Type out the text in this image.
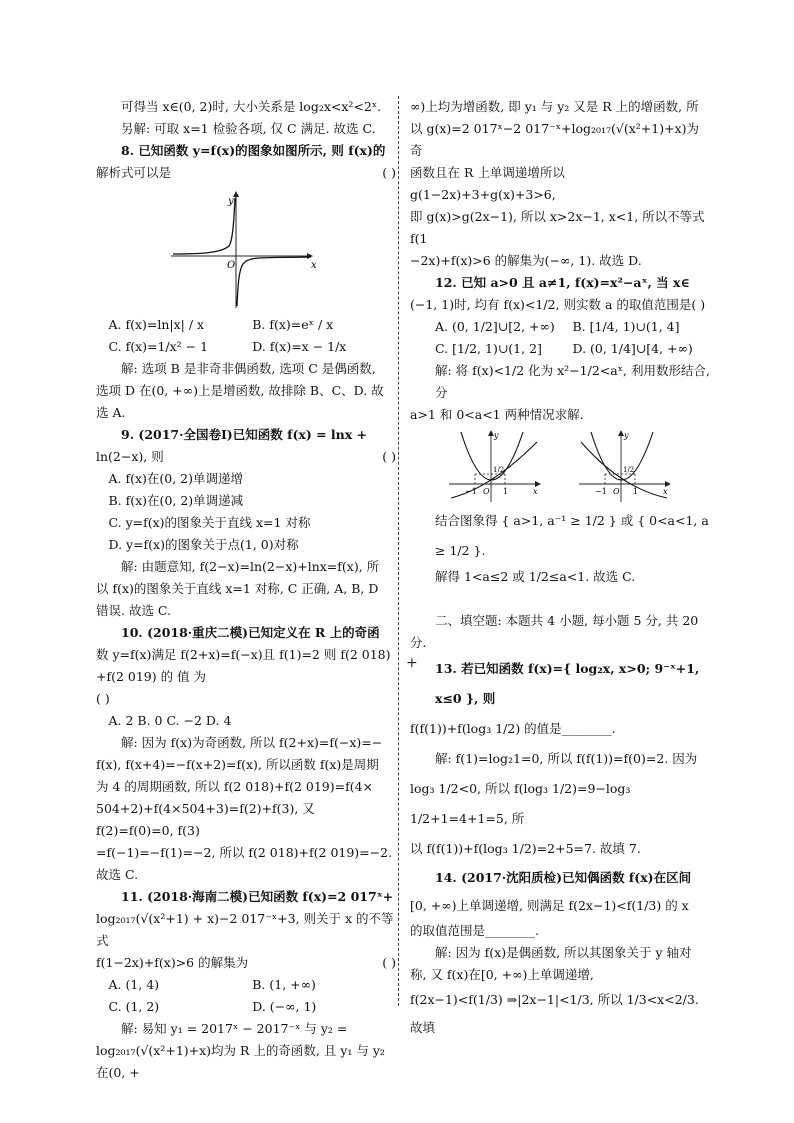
可得当 x∈(0, 2)时, 大小关系是 log₂x<x²<2ˣ.

另解: 可取 x=1 检验各项, 仅 C 满足. 故选 C.

8. 已知函数 y=f(x)的图象如图所示, 则 f(x)的

解析式可以是	( )
y
x
O
A. f(x)=ln|x| / x	B. f(x)=eˣ / x
C. f(x)=1/x² − 1	D. f(x)=x − 1/x

解: 选项 B 是非奇非偶函数, 选项 C 是偶函数,

选项 D 在(0, +∞)上是增函数, 故排除 B、C、D. 故

选 A.

9. (2017·全国卷Ⅰ)已知函数 f(x) = lnx +

ln(2−x), 则	( )

A. f(x)在(0, 2)单调递增

B. f(x)在(0, 2)单调递减

C. y=f(x)的图象关于直线 x=1 对称

D. y=f(x)的图象关于点(1, 0)对称

解: 由题意知, f(2−x)=ln(2−x)+lnx=f(x), 所

以 f(x)的图象关于直线 x=1 对称, C 正确, A, B, D

错误. 故选 C.

10. (2018·重庆二模)已知定义在 R 上的奇函

数 y=f(x)满足 f(2+x)=f(−x)且 f(1)=2 则 f(2 018)

+f(2 019) 的 值 为

( )

A. 2 B. 0 C. −2 D. 4

解: 因为 f(x)为奇函数, 所以 f(2+x)=f(−x)=−

f(x), f(x+4)=−f(x+2)=f(x), 所以函数 f(x)是周期

为 4 的周期函数, 所以 f(2 018)+f(2 019)=f(4×

504+2)+f(4×504+3)=f(2)+f(3), 又 f(2)=f(0)=0, f(3)

=f(−1)=−f(1)=−2, 所以 f(2 018)+f(2 019)=−2.

故选 C.

11. (2018·海南二模)已知函数 f(x)=2 017ˣ+

log₂₀₁₇(√(x²+1) + x)−2 017⁻ˣ+3, 则关于 x 的不等式

f(1−2x)+f(x)>6 的解集为	( )
A. (1, 4)	B. (1, +∞)
C. (1, 2)	D. (−∞, 1)

解: 易知 y₁ = 2017ˣ − 2017⁻ˣ 与 y₂ =

log₂₀₁₇(√(x²+1)+x)均为 R 上的奇函数, 且 y₁ 与 y₂ 在(0, +

+

∞)上均为增函数, 即 y₁ 与 y₂ 又是 R 上的增函数, 所

以 g(x)=2 017ˣ−2 017⁻ˣ+log₂₀₁₇(√(x²+1)+x)为奇

函数且在 R 上单调递增所以 g(1−2x)+3+g(x)+3>6,

即 g(x)>g(2x−1), 所以 x>2x−1, x<1, 所以不等式 f(1

−2x)+f(x)>6 的解集为(−∞, 1). 故选 D.

12. 已知 a>0 且 a≠1, f(x)=x²−aˣ, 当 x∈

(−1, 1)时, 均有 f(x)<1/2, 则实数 a 的取值范围是( )

A. (0, 1/2]∪[2, +∞)	B. [1/4, 1)∪(1, 4]
C. [1/2, 1)∪(1, 2]	D. (0, 1/4]∪[4, +∞)

解: 将 f(x)<1/2 化为 x²−1/2<aˣ, 利用数形结合, 分

a>1 和 0<a<1 两种情况求解.

−1 O 1	x
y
1/2
−1 O 1	x
y
1/2

结合图象得 { a>1, a⁻¹ ≥ 1/2 } 或 { 0<a<1, a ≥ 1/2 }.

解得 1<a≤2 或 1/2≤a<1. 故选 C.

二、填空题: 本题共 4 小题, 每小题 5 分, 共 20

分.

13. 若已知函数 f(x)={ log₂x, x>0; 9⁻ˣ+1, x≤0 }, 则

f(f(1))+f(log₃ 1/2) 的值是________.

解: f(1)=log₂1=0, 所以 f(f(1))=f(0)=2. 因为

log₃ 1/2<0, 所以 f(log₃ 1/2)=9−log₃ 1/2+1=4+1=5, 所

以 f(f(1))+f(log₃ 1/2)=2+5=7. 故填 7.

14. (2017·沈阳质检)已知偶函数 f(x)在区间

[0, +∞)上单调递增, 则满足 f(2x−1)<f(1/3) 的 x

的取值范围是________.

解: 因为 f(x)是偶函数, 所以其图象关于 y 轴对

称, 又 f(x)在[0, +∞)上单调递增,

f(2x−1)<f(1/3) ⇒|2x−1|<1/3, 所以 1/3<x<2/3. 故填
